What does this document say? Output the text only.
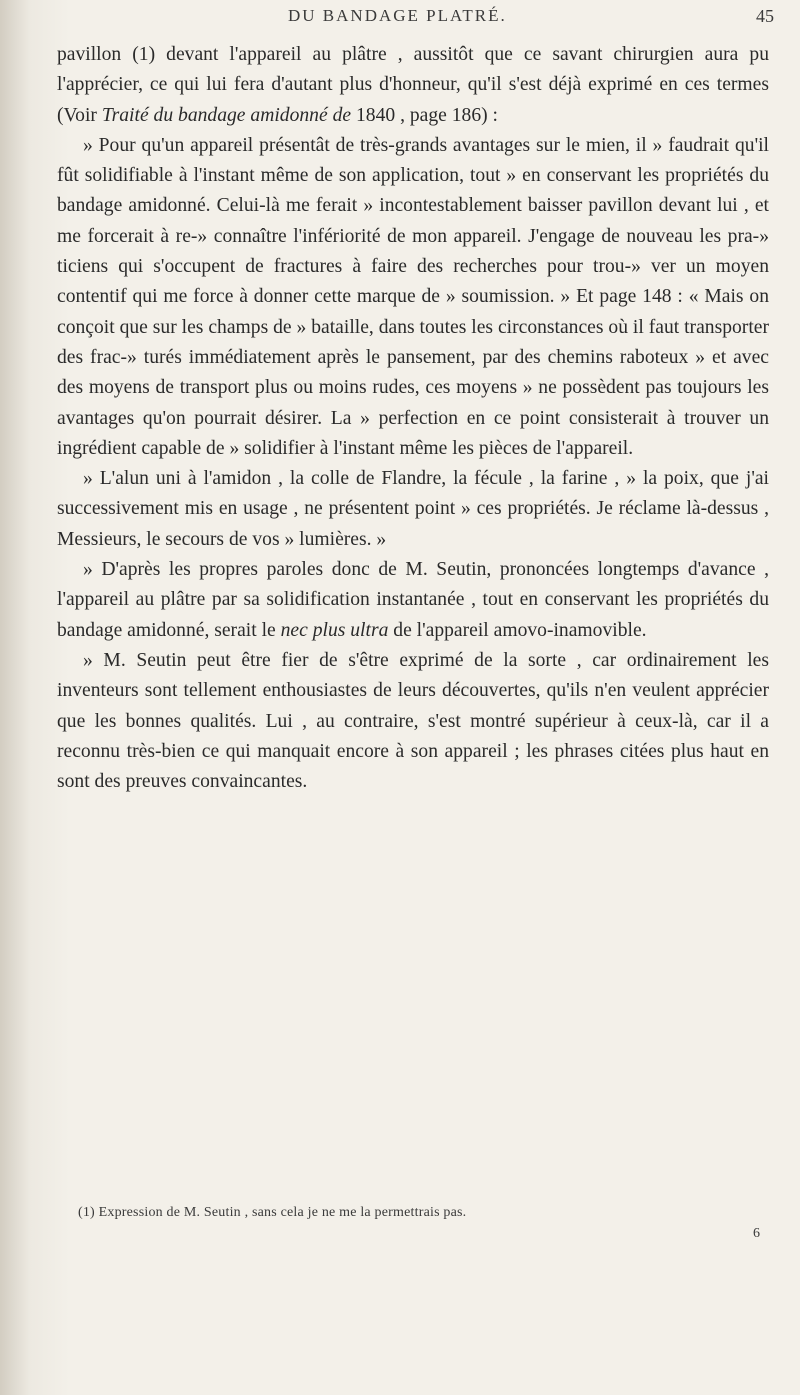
DU BANDAGE PLATRÉ.	45

pavillon (1) devant l'appareil au plâtre , aussitôt que ce savant chirurgien aura pu l'apprécier, ce qui lui fera d'autant plus d'honneur, qu'il s'est déjà exprimé en ces termes (Voir Traité du bandage amidonné de 1840 , page 186) :

» Pour qu'un appareil présentât de très-grands avantages sur le mien, il » faudrait qu'il fût solidifiable à l'instant même de son application, tout » en conservant les propriétés du bandage amidonné. Celui-là me ferait » incontestablement baisser pavillon devant lui , et me forcerait à re-» connaître l'infériorité de mon appareil. J'engage de nouveau les pra-» ticiens qui s'occupent de fractures à faire des recherches pour trou-» ver un moyen contentif qui me force à donner cette marque de » soumission. » Et page 148 : « Mais on conçoit que sur les champs de » bataille, dans toutes les circonstances où il faut transporter des frac-» turés immédiatement après le pansement, par des chemins raboteux » et avec des moyens de transport plus ou moins rudes, ces moyens » ne possèdent pas toujours les avantages qu'on pourrait désirer. La » perfection en ce point consisterait à trouver un ingrédient capable de » solidifier à l'instant même les pièces de l'appareil.

» L'alun uni à l'amidon , la colle de Flandre, la fécule , la farine , » la poix, que j'ai successivement mis en usage , ne présentent point » ces propriétés. Je réclame là-dessus , Messieurs, le secours de vos » lumières. »

» D'après les propres paroles donc de M. Seutin, prononcées longtemps d'avance , l'appareil au plâtre par sa solidification instantanée , tout en conservant les propriétés du bandage amidonné, serait le nec plus ultra de l'appareil amovo-inamovible.

» M. Seutin peut être fier de s'être exprimé de la sorte , car ordinairement les inventeurs sont tellement enthousiastes de leurs découvertes, qu'ils n'en veulent apprécier que les bonnes qualités. Lui , au contraire, s'est montré supérieur à ceux-là, car il a reconnu très-bien ce qui manquait encore à son appareil ; les phrases citées plus haut en sont des preuves convaincantes.

(1) Expression de M. Seutin , sans cela je ne me la permettrais pas.
6
